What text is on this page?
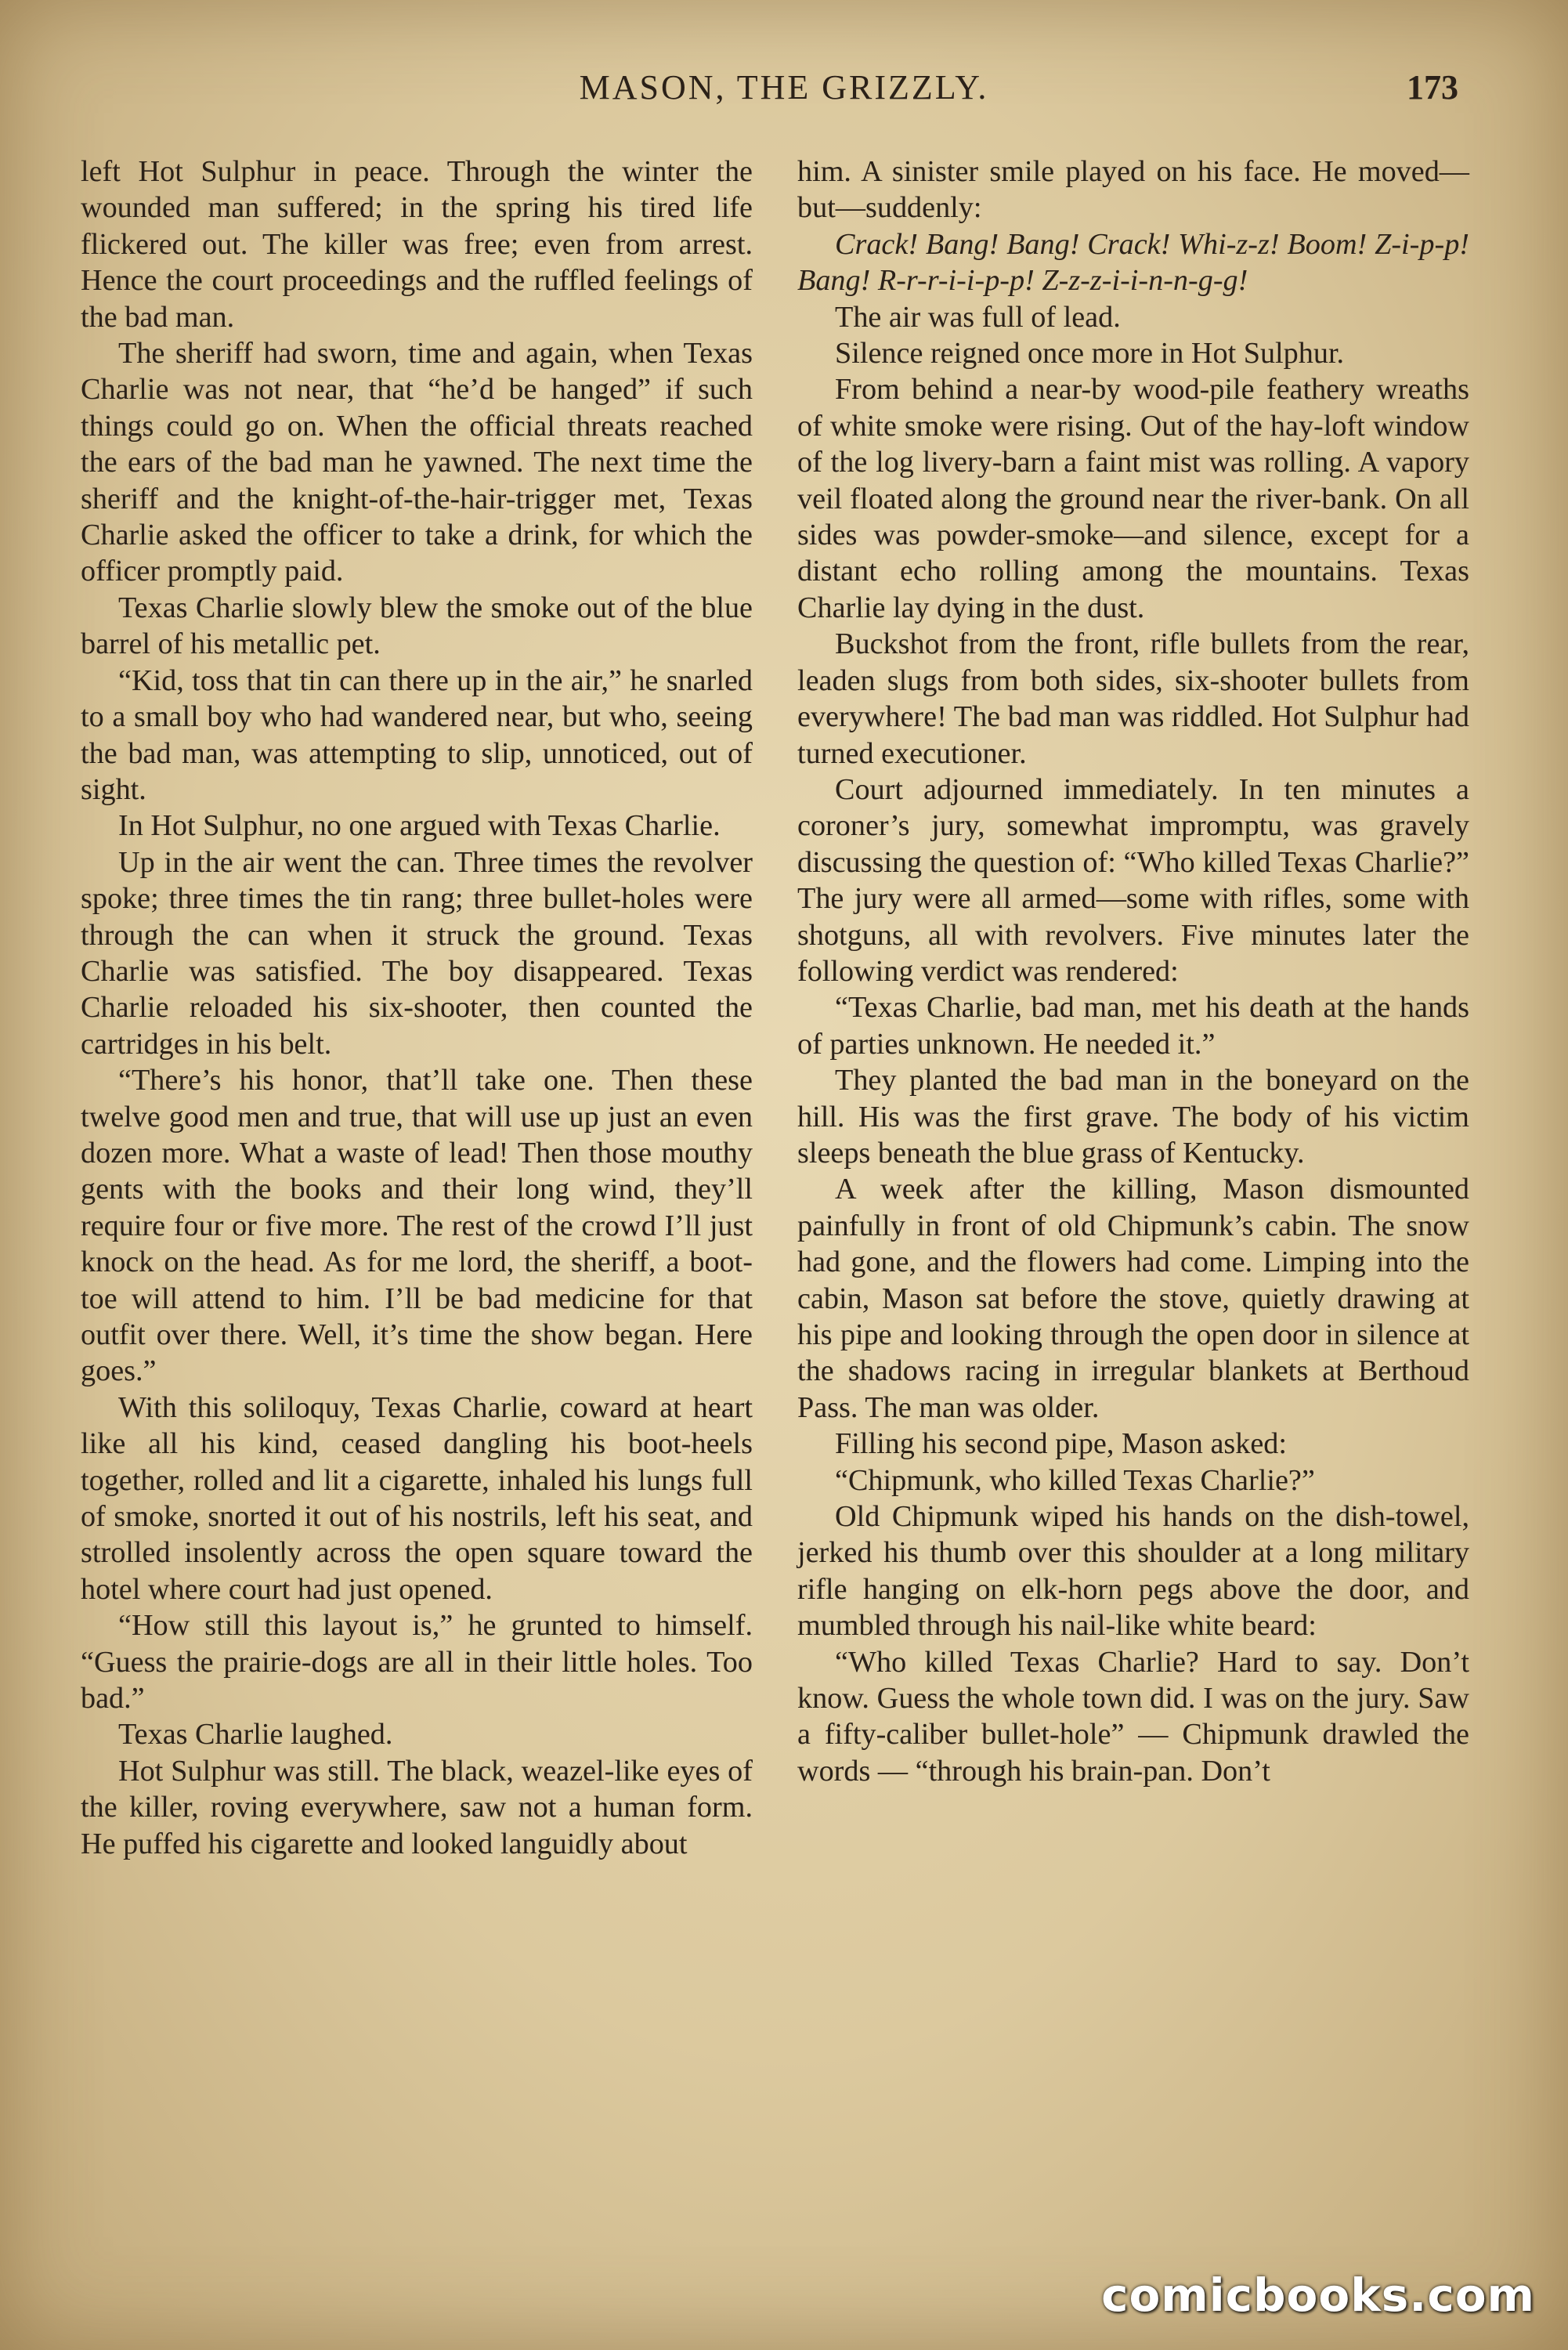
MASON, THE GRIZZLY.	173

left Hot Sulphur in peace. Through the winter the wounded man suffered; in the spring his tired life flickered out. The killer was free; even from arrest. Hence the court proceedings and the ruffled feelings of the bad man.

The sheriff had sworn, time and again, when Texas Charlie was not near, that “he’d be hanged” if such things could go on. When the official threats reached the ears of the bad man he yawned. The next time the sheriff and the knight-of-the-hair-trigger met, Texas Charlie asked the officer to take a drink, for which the officer promptly paid.

Texas Charlie slowly blew the smoke out of the blue barrel of his metallic pet.

“Kid, toss that tin can there up in the air,” he snarled to a small boy who had wandered near, but who, seeing the bad man, was attempting to slip, unnoticed, out of sight.

In Hot Sulphur, no one argued with Texas Charlie.

Up in the air went the can. Three times the revolver spoke; three times the tin rang; three bullet-holes were through the can when it struck the ground. Texas Charlie was satisfied. The boy disappeared. Texas Charlie reloaded his six-shooter, then counted the cartridges in his belt.

“There’s his honor, that’ll take one. Then these twelve good men and true, that will use up just an even dozen more. What a waste of lead! Then those mouthy gents with the books and their long wind, they’ll require four or five more. The rest of the crowd I’ll just knock on the head. As for me lord, the sheriff, a boot-toe will attend to him. I’ll be bad medicine for that outfit over there. Well, it’s time the show began. Here goes.”

With this soliloquy, Texas Charlie, coward at heart like all his kind, ceased dangling his boot-heels together, rolled and lit a cigarette, inhaled his lungs full of smoke, snorted it out of his nostrils, left his seat, and strolled insolently across the open square toward the hotel where court had just opened.

“How still this layout is,” he grunted to himself. “Guess the prairie-dogs are all in their little holes. Too bad.”

Texas Charlie laughed.

Hot Sulphur was still. The black, weazel-like eyes of the killer, roving everywhere, saw not a human form. He puffed his cigarette and looked languidly about

him. A sinister smile played on his face. He moved—but—suddenly:

Crack! Bang! Bang! Crack! Whi-z-z! Boom! Z-i-p-p! Bang! R-r-r-i-i-p-p! Z-z-z-i-i-n-n-g-g!

The air was full of lead.

Silence reigned once more in Hot Sulphur.

From behind a near-by wood-pile feathery wreaths of white smoke were rising. Out of the hay-loft window of the log livery-barn a faint mist was rolling. A vapory veil floated along the ground near the river-bank. On all sides was powder-smoke—and silence, except for a distant echo rolling among the mountains. Texas Charlie lay dying in the dust.

Buckshot from the front, rifle bullets from the rear, leaden slugs from both sides, six-shooter bullets from everywhere! The bad man was riddled. Hot Sulphur had turned executioner.

Court adjourned immediately. In ten minutes a coroner’s jury, somewhat impromptu, was gravely discussing the question of: “Who killed Texas Charlie?” The jury were all armed—some with rifles, some with shotguns, all with revolvers. Five minutes later the following verdict was rendered:

“Texas Charlie, bad man, met his death at the hands of parties unknown. He needed it.”

They planted the bad man in the boneyard on the hill. His was the first grave. The body of his victim sleeps beneath the blue grass of Kentucky.

A week after the killing, Mason dismounted painfully in front of old Chipmunk’s cabin. The snow had gone, and the flowers had come. Limping into the cabin, Mason sat before the stove, quietly drawing at his pipe and looking through the open door in silence at the shadows racing in irregular blankets at Berthoud Pass. The man was older.

Filling his second pipe, Mason asked:

“Chipmunk, who killed Texas Charlie?”

Old Chipmunk wiped his hands on the dish-towel, jerked his thumb over this shoulder at a long military rifle hanging on elk-horn pegs above the door, and mumbled through his nail-like white beard:

“Who killed Texas Charlie? Hard to say. Don’t know. Guess the whole town did. I was on the jury. Saw a fifty-caliber bullet-hole” — Chipmunk drawled the words — “through his brain-pan. Don’t

comicbooks.com
